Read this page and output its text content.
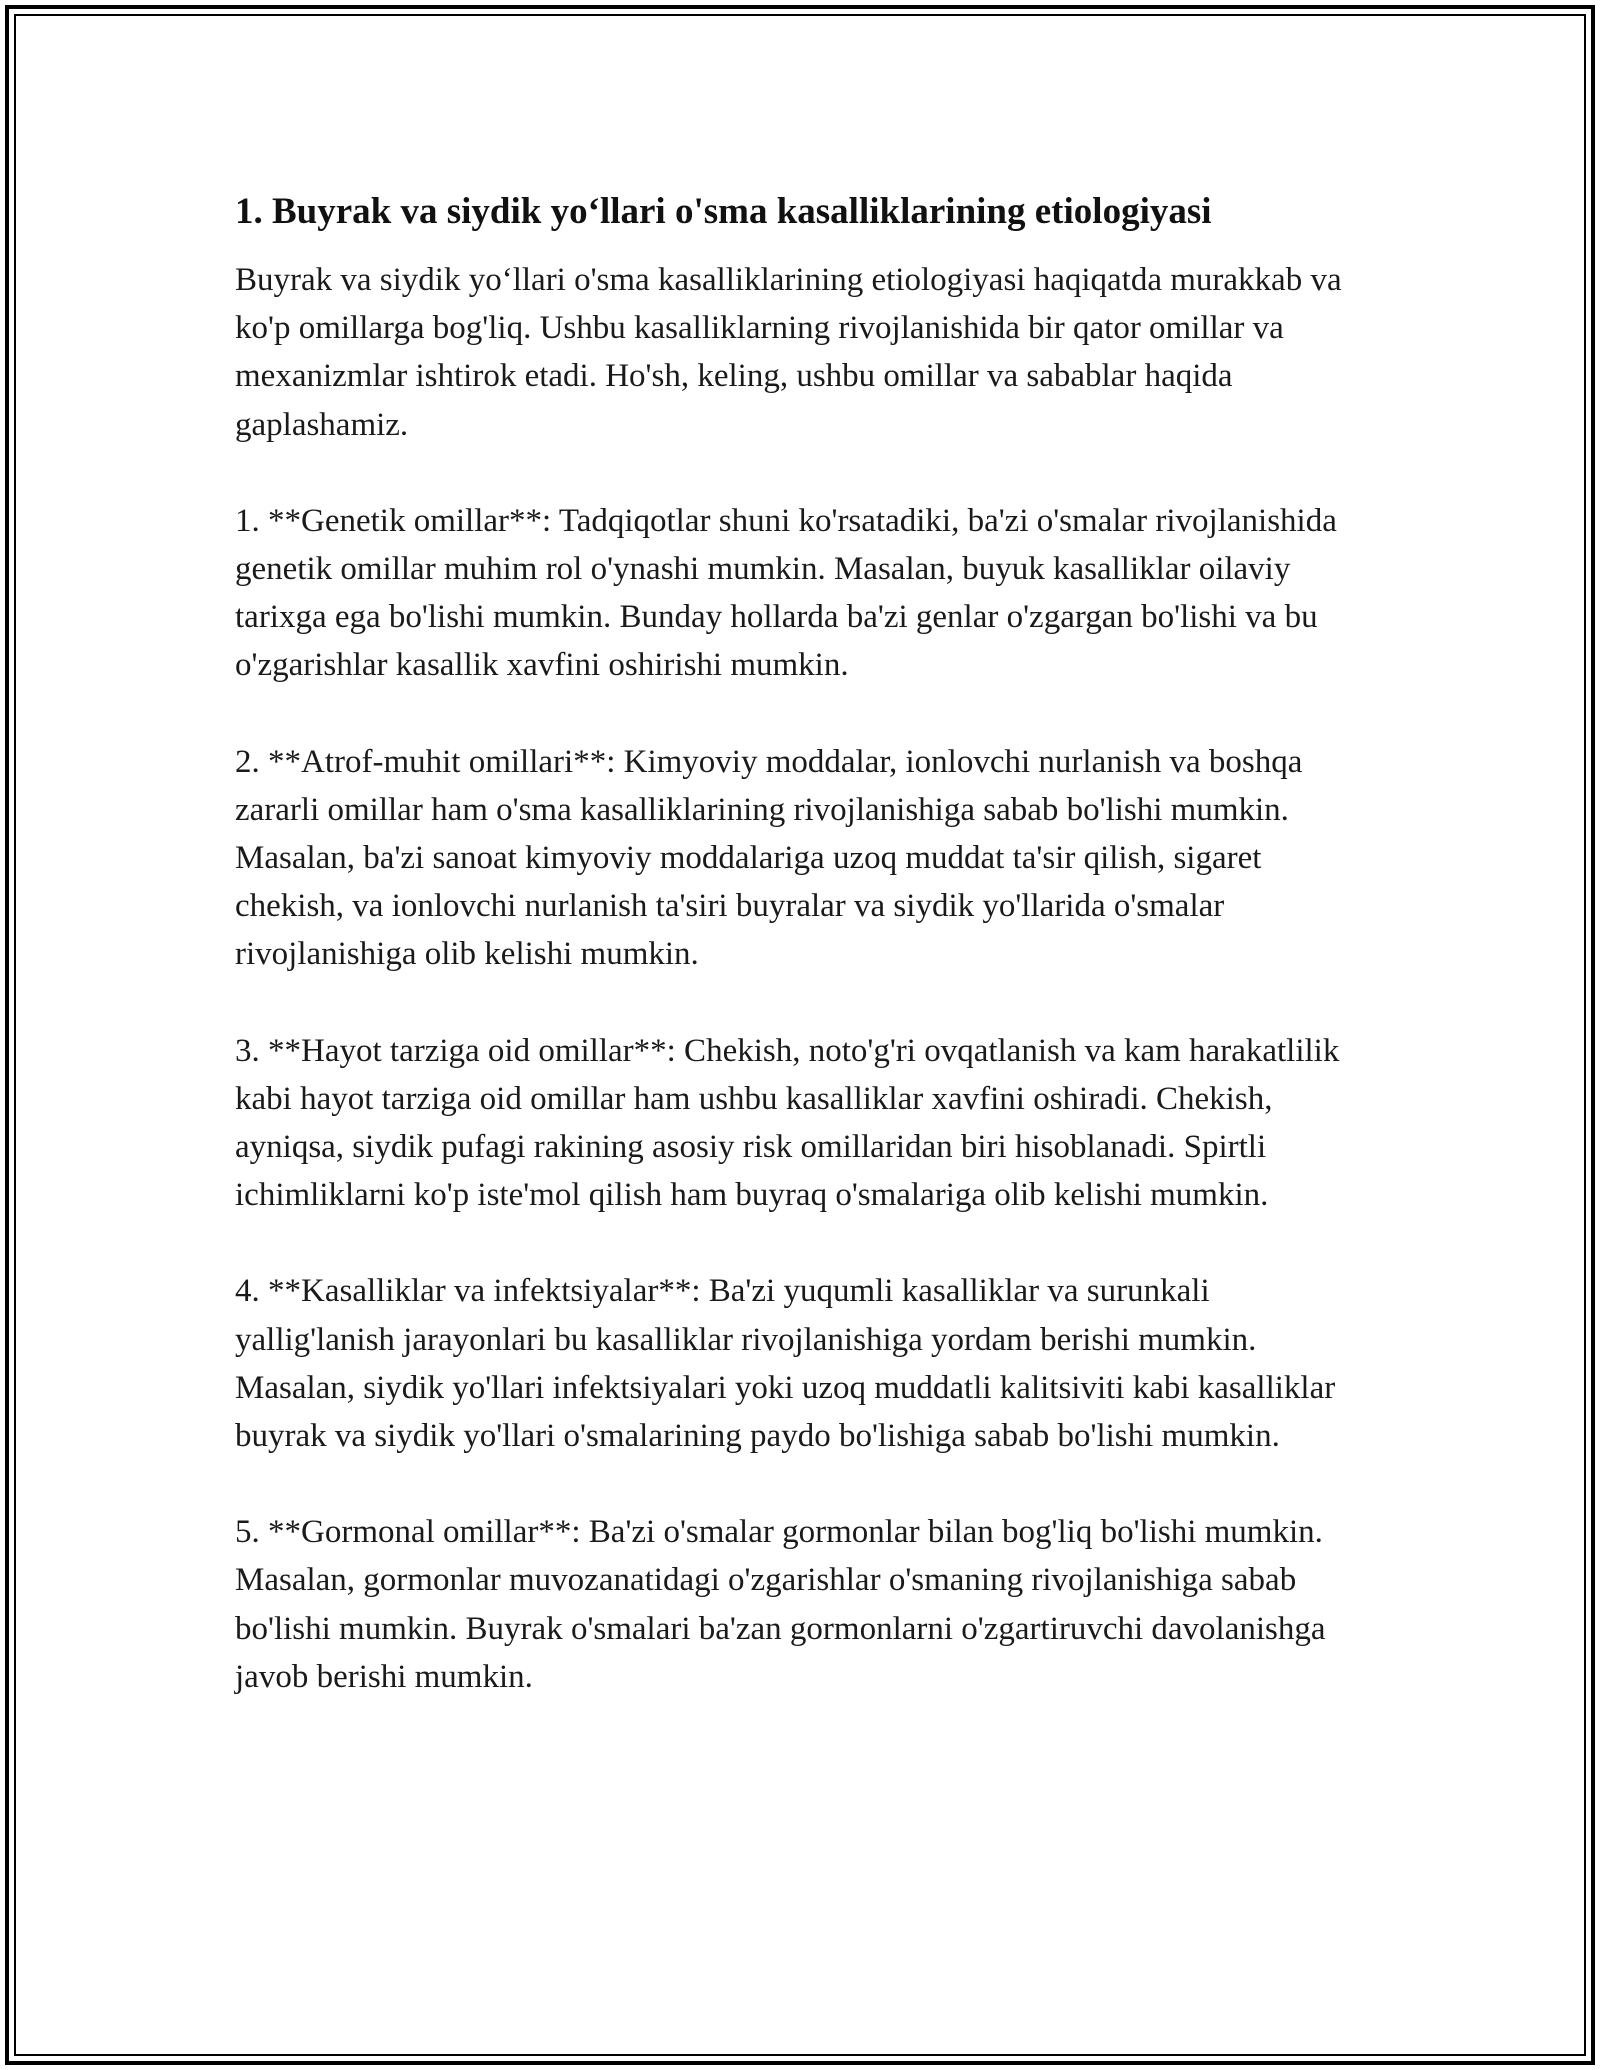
1. Buyrak va siydik yo‘llari o'sma kasalliklarining etiologiyasi

Buyrak va siydik yo‘llari o'sma kasalliklarining etiologiyasi haqiqatda murakkab va ko'p omillarga bog'liq. Ushbu kasalliklarning rivojlanishida bir qator omillar va mexanizmlar ishtirok etadi. Ho'sh, keling, ushbu omillar va sabablar haqida gaplashamiz.

1. **Genetik omillar**: Tadqiqotlar shuni ko'rsatadiki, ba'zi o'smalar rivojlanishida genetik omillar muhim rol o'ynashi mumkin. Masalan, buyuk kasalliklar oilaviy tarixga ega bo'lishi mumkin. Bunday hollarda ba'zi genlar o'zgargan bo'lishi va bu o'zgarishlar kasallik xavfini oshirishi mumkin.

2. **Atrof-muhit omillari**: Kimyoviy moddalar, ionlovchi nurlanish va boshqa zararli omillar ham o'sma kasalliklarining rivojlanishiga sabab bo'lishi mumkin. Masalan, ba'zi sanoat kimyoviy moddalariga uzoq muddat ta'sir qilish, sigaret chekish, va ionlovchi nurlanish ta'siri buyralar va siydik yo'llarida o'smalar rivojlanishiga olib kelishi mumkin.

3. **Hayot tarziga oid omillar**: Chekish, noto'g'ri ovqatlanish va kam harakatlilik kabi hayot tarziga oid omillar ham ushbu kasalliklar xavfini oshiradi. Chekish, ayniqsa, siydik pufagi rakining asosiy risk omillaridan biri hisoblanadi. Spirtli ichimliklarni ko'p iste'mol qilish ham buyraq o'smalariga olib kelishi mumkin.

4. **Kasalliklar va infektsiyalar**: Ba'zi yuqumli kasalliklar va surunkali yallig'lanish jarayonlari bu kasalliklar rivojlanishiga yordam berishi mumkin. Masalan, siydik yo'llari infektsiyalari yoki uzoq muddatli kalitsiviti kabi kasalliklar buyrak va siydik yo'llari o'smalarining paydo bo'lishiga sabab bo'lishi mumkin.

5. **Gormonal omillar**: Ba'zi o'smalar gormonlar bilan bog'liq bo'lishi mumkin. Masalan, gormonlar muvozanatidagi o'zgarishlar o'smaning rivojlanishiga sabab bo'lishi mumkin. Buyrak o'smalari ba'zan gormonlarni o'zgartiruvchi davolanishga javob berishi mumkin.
